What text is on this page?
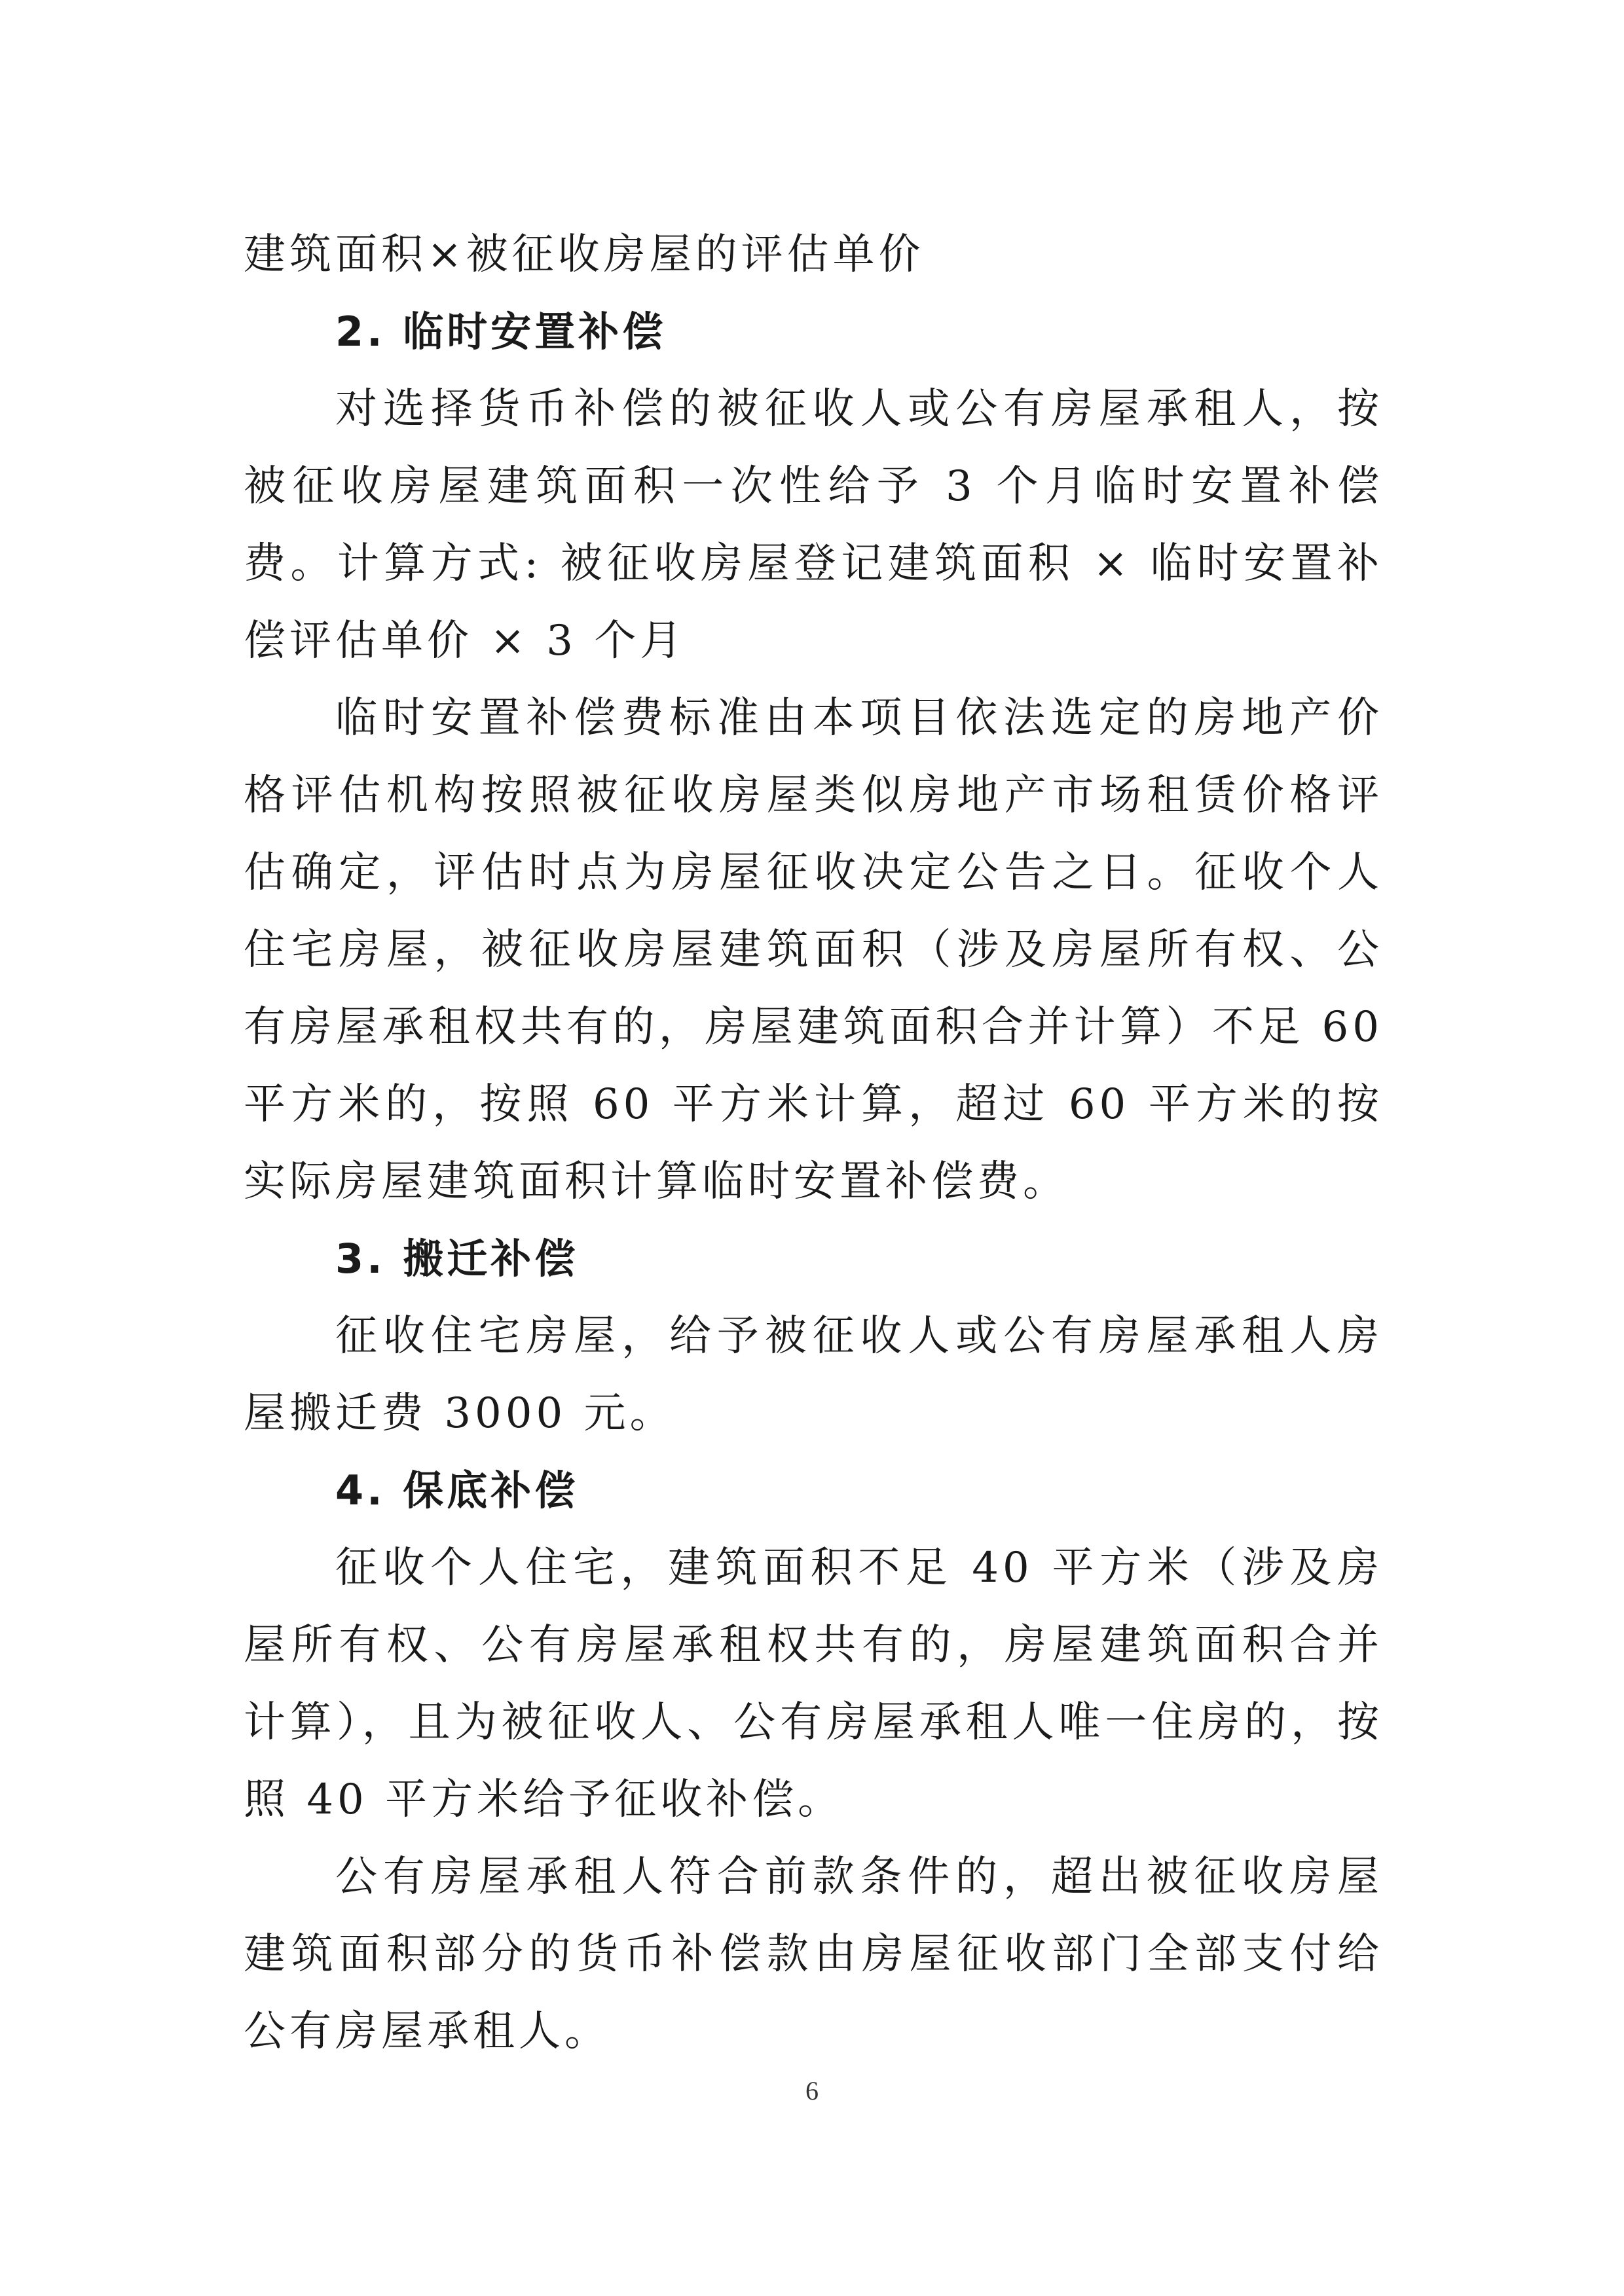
建筑面积×被征收房屋的评估单价

2. 临时安置补偿

对选择货币补偿的被征收人或公有房屋承租人，按被征收房屋建筑面积一次性给予 3 个月临时安置补偿费。计算方式: 被征收房屋登记建筑面积 × 临时安置补偿评估单价 × 3 个月

临时安置补偿费标准由本项目依法选定的房地产价格评估机构按照被征收房屋类似房地产市场租赁价格评估确定，评估时点为房屋征收决定公告之日。征收个人住宅房屋，被征收房屋建筑面积（涉及房屋所有权、公有房屋承租权共有的，房屋建筑面积合并计算）不足 60 平方米的，按照 60 平方米计算，超过 60 平方米的按实际房屋建筑面积计算临时安置补偿费。

3. 搬迁补偿

征收住宅房屋，给予被征收人或公有房屋承租人房屋搬迁费 3000 元。

4. 保底补偿

征收个人住宅，建筑面积不足 40 平方米（涉及房屋所有权、公有房屋承租权共有的，房屋建筑面积合并计算），且为被征收人、公有房屋承租人唯一住房的，按照 40 平方米给予征收补偿。

公有房屋承租人符合前款条件的，超出被征收房屋建筑面积部分的货币补偿款由房屋征收部门全部支付给公有房屋承租人。

6
